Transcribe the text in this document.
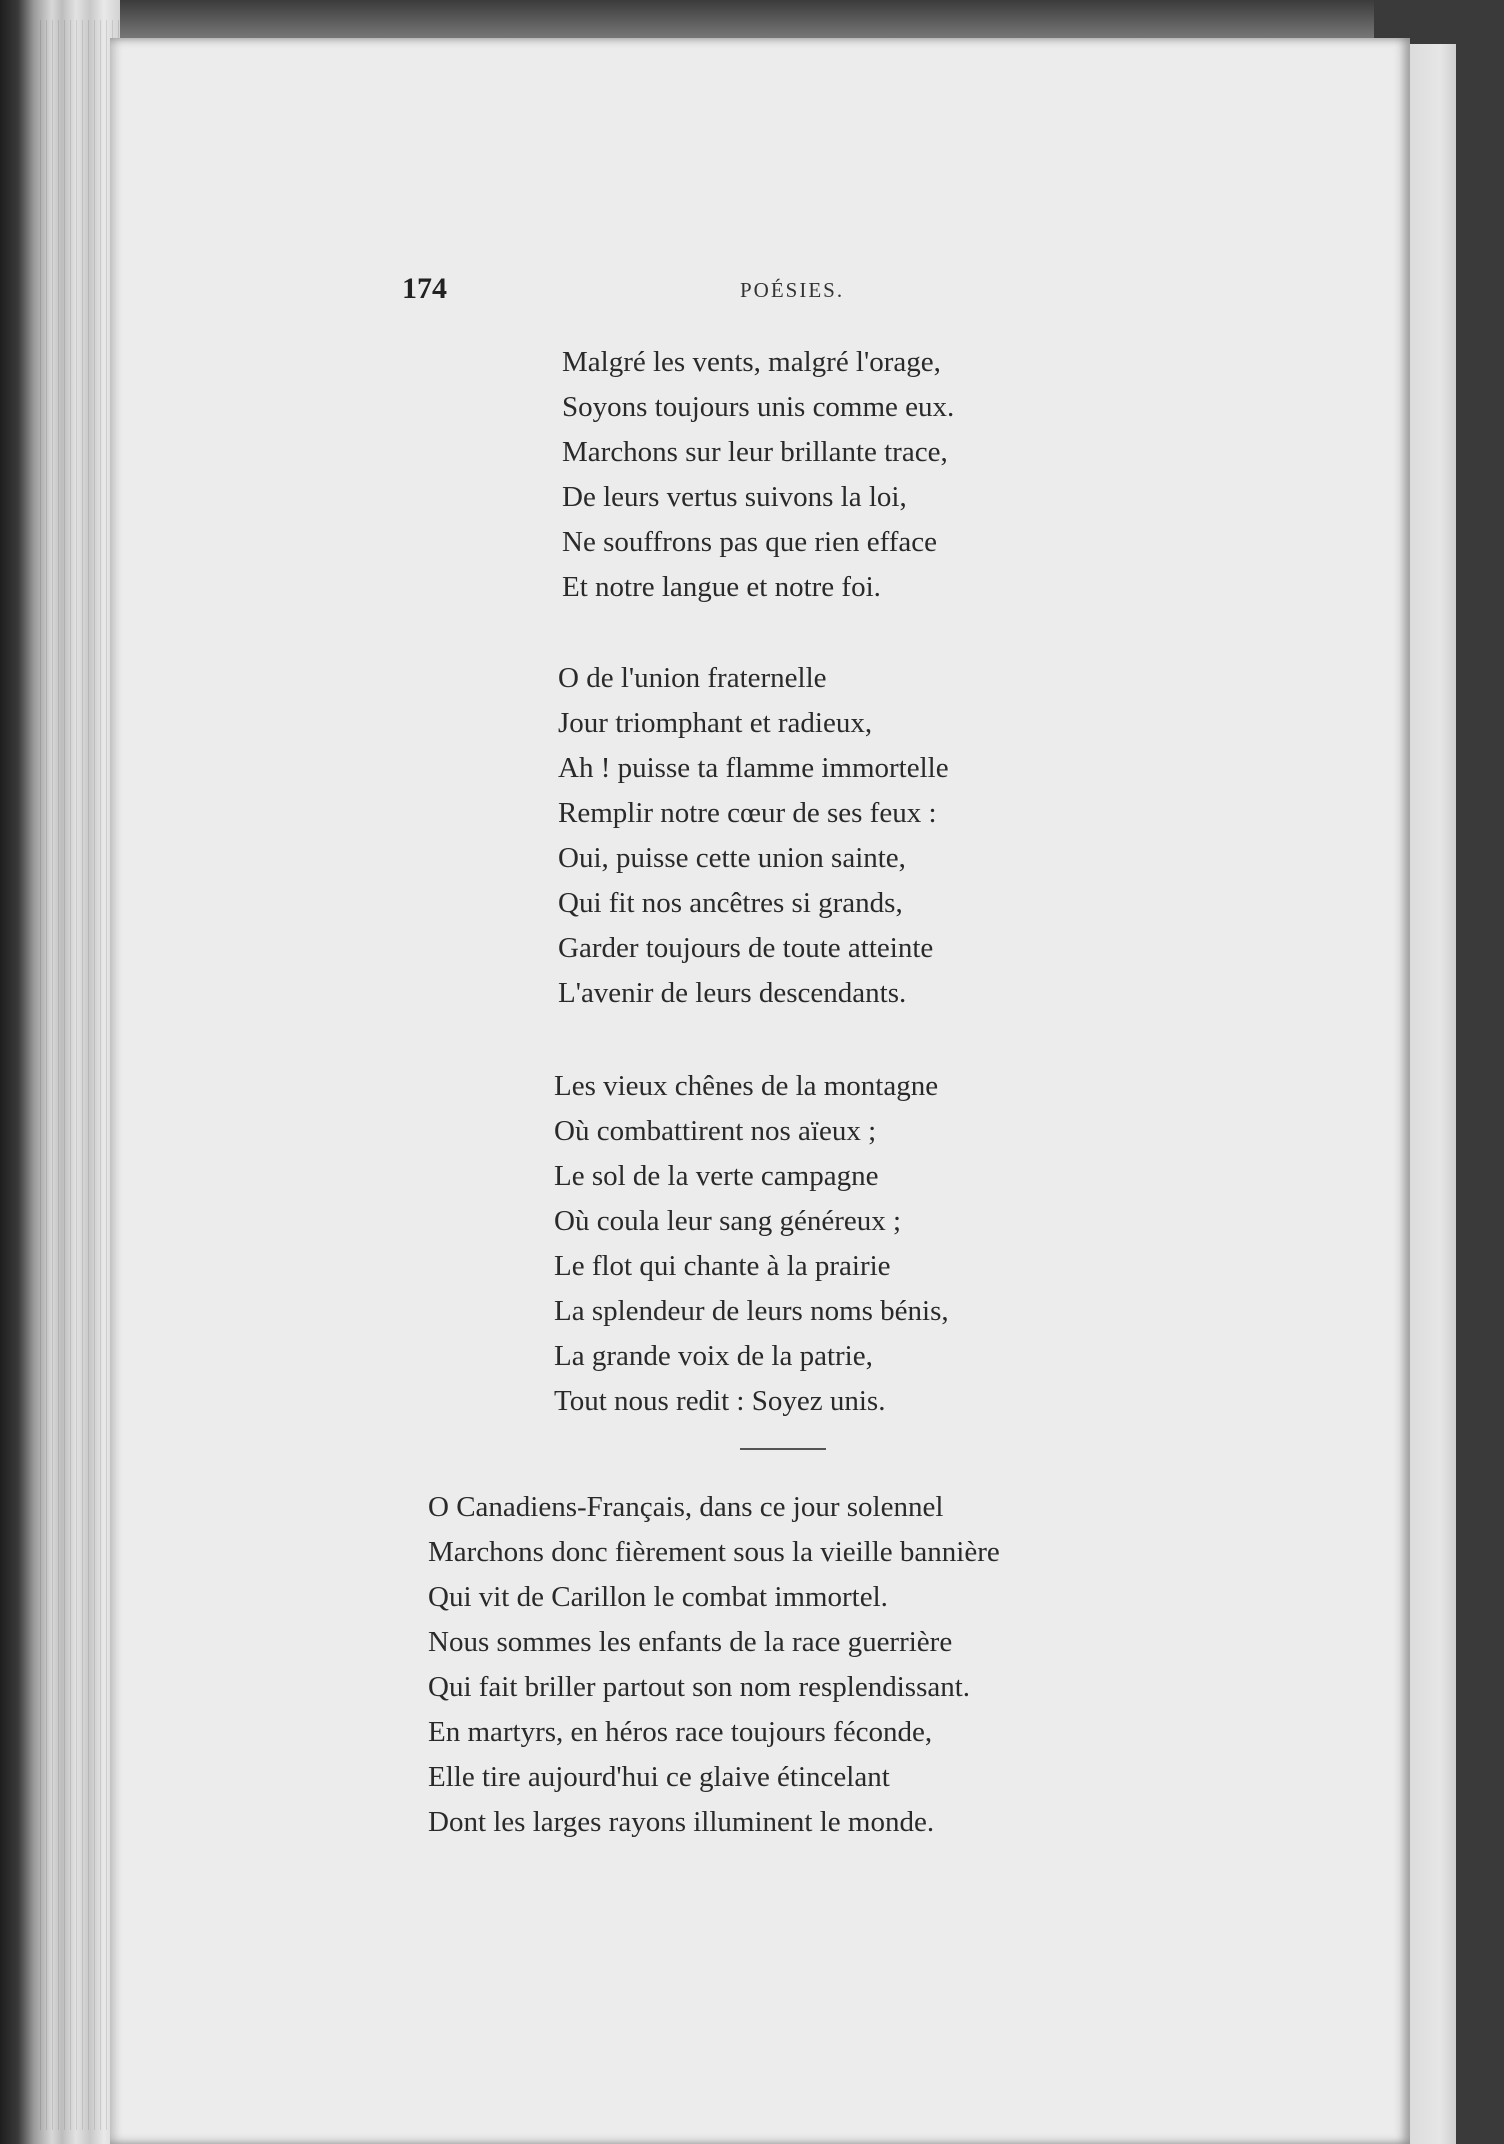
174	POÉSIES.
Malgré les vents, malgré l'orage,
Soyons toujours unis comme eux.
Marchons sur leur brillante trace,
De leurs vertus suivons la loi,
Ne souffrons pas que rien efface
Et notre langue et notre foi.
O de l'union fraternelle
Jour triomphant et radieux,
Ah ! puisse ta flamme immortelle
Remplir notre cœur de ses feux :
Oui, puisse cette union sainte,
Qui fit nos ancêtres si grands,
Garder toujours de toute atteinte
L'avenir de leurs descendants.
Les vieux chênes de la montagne
Où combattirent nos aïeux ;
Le sol de la verte campagne
Où coula leur sang généreux ;
Le flot qui chante à la prairie
La splendeur de leurs noms bénis,
La grande voix de la patrie,
Tout nous redit : Soyez unis.
O Canadiens-Français, dans ce jour solennel
Marchons donc fièrement sous la vieille bannière
Qui vit de Carillon le combat immortel.
Nous sommes les enfants de la race guerrière
Qui fait briller partout son nom resplendissant.
En martyrs, en héros race toujours féconde,
Elle tire aujourd'hui ce glaive étincelant
Dont les larges rayons illuminent le monde.
